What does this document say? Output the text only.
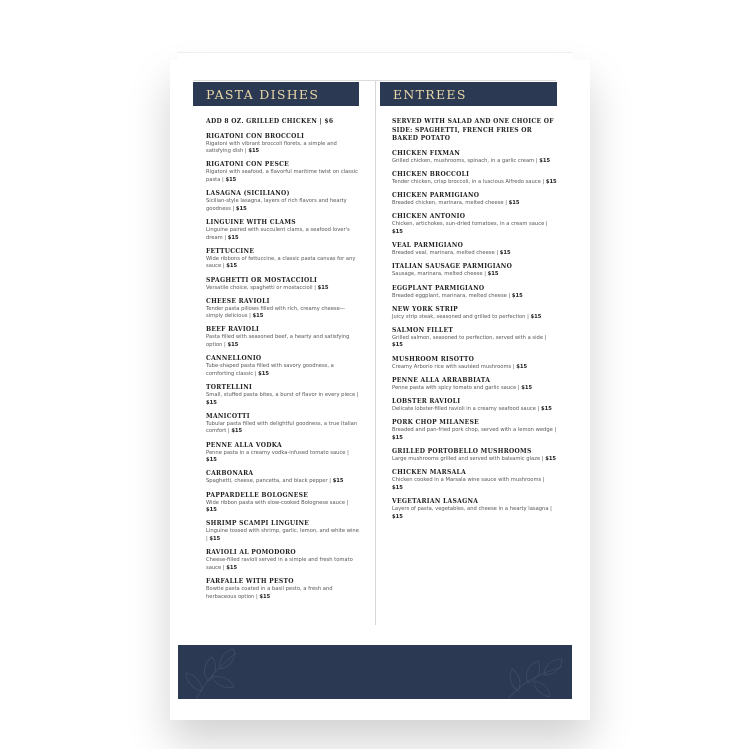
PASTA DISHES
ADD 8 OZ. GRILLED CHICKEN | $6
RIGATONI CON BROCCOLI
Rigatoni with vibrant broccoli florets, a simple and satisfying dish | $15
RIGATONI CON PESCE
Rigatoni with seafood, a flavorful maritime twist on classic pasta | $15
LASAGNA (SICILIANO)
Sicilian-style lasagna, layers of rich flavors and hearty goodness | $15
LINGUINE WITH CLAMS
Linguine paired with succulent clams, a seafood lover's dream | $15
FETTUCCINE
Wide ribbons of fettuccine, a classic pasta canvas for any sauce | $15
SPAGHETTI OR MOSTACCIOLI
Versatile choice, spaghetti or mostaccioli | $15
CHEESE RAVIOLI
Tender pasta pillows filled with rich, creamy cheese—simply delicious | $15
BEEF RAVIOLI
Pasta filled with seasoned beef, a hearty and satisfying option | $15
CANNELLONIO
Tube-shaped pasta filled with savory goodness, a comforting classic | $15
TORTELLINI
Small, stuffed pasta bites, a burst of flavor in every piece | $15
MANICOTTI
Tubular pasta filled with delightful goodness, a true Italian comfort | $15
PENNE ALLA VODKA
Penne pasta in a creamy vodka-infused tomato sauce | $15
CARBONARA
Spaghetti, cheese, pancetta, and black pepper | $15
PAPPARDELLE BOLOGNESE
Wide ribbon pasta with slow-cooked Bolognese sauce | $15
SHRIMP SCAMPI LINGUINE
Linguine tossed with shrimp, garlic, lemon, and white wine | $15
RAVIOLI AL POMODORO
Cheese-filled ravioli served in a simple and fresh tomato sauce | $15
FARFALLE WITH PESTO
Bowtie pasta coated in a basil pesto, a fresh and herbaceous option | $15
ENTREES
SERVED WITH SALAD AND ONE CHOICE OF SIDE: SPAGHETTI, FRENCH FRIES OR BAKED POTATO
CHICKEN FIXMAN
Grilled chicken, mushrooms, spinach, in a garlic cream | $15
CHICKEN BROCCOLI
Tender chicken, crisp broccoli, in a luscious Alfredo sauce | $15
CHICKEN PARMIGIANO
Breaded chicken, marinara, melted cheese | $15
CHICKEN ANTONIO
Chicken, artichokes, sun-dried tomatoes, in a cream sauce | $15
VEAL PARMIGIANO
Breaded veal, marinara, melted cheese | $15
ITALIAN SAUSAGE PARMIGIANO
Sausage, marinara, melted cheese | $15
EGGPLANT PARMIGIANO
Breaded eggplant, marinara, melted cheese | $15
NEW YORK STRIP
Juicy strip steak, seasoned and grilled to perfection | $15
SALMON FILLET
Grilled salmon, seasoned to perfection, served with a side | $15
MUSHROOM RISOTTO
Creamy Arborio rice with sautéed mushrooms | $15
PENNE ALLA ARRABBIATA
Penne pasta with spicy tomato and garlic sauce | $15
LOBSTER RAVIOLI
Delicate lobster-filled ravioli in a creamy seafood sauce | $15
PORK CHOP MILANESE
Breaded and pan-fried pork chop, served with a lemon wedge | $15
GRILLED PORTOBELLO MUSHROOMS
Large mushrooms grilled and served with balsamic glaze | $15
CHICKEN MARSALA
Chicken cooked in a Marsala wine sauce with mushrooms | $15
VEGETARIAN LASAGNA
Layers of pasta, vegetables, and cheese in a hearty lasagna | $15
